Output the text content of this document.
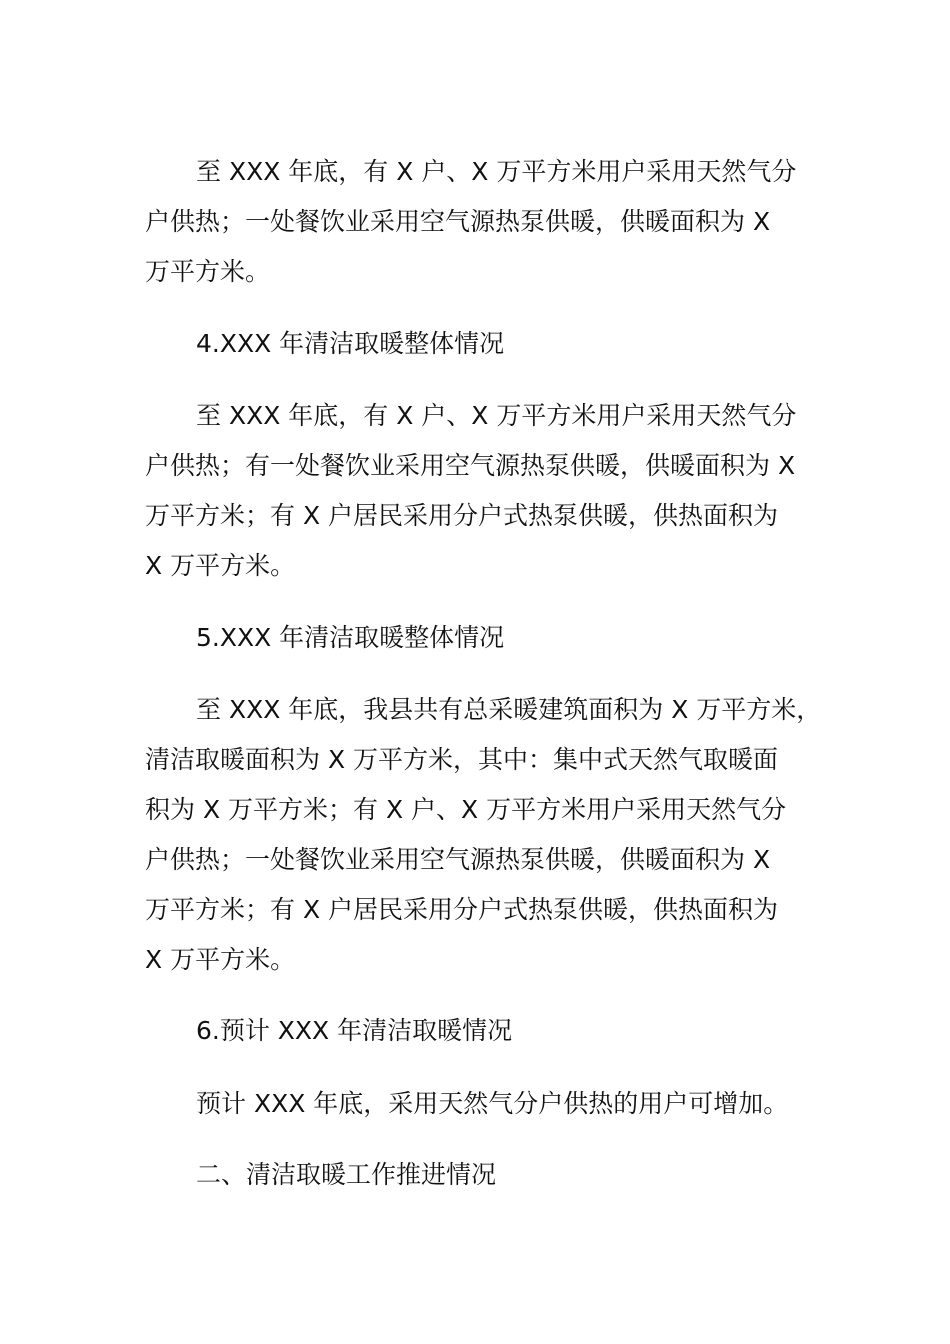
至 XXX 年底，有 X 户、X 万平方米用户采用天然气分
户供热；一处餐饮业采用空气源热泵供暖，供暖面积为 X
万平方米。
4.XXX 年清洁取暖整体情况
至 XXX 年底，有 X 户、X 万平方米用户采用天然气分
户供热；有一处餐饮业采用空气源热泵供暖，供暖面积为 X
万平方米；有 X 户居民采用分户式热泵供暖，供热面积为
X 万平方米。
5.XXX 年清洁取暖整体情况
至 XXX 年底，我县共有总采暖建筑面积为 X 万平方米，
清洁取暖面积为 X 万平方米，其中：集中式天然气取暖面
积为 X 万平方米；有 X 户、X 万平方米用户采用天然气分
户供热；一处餐饮业采用空气源热泵供暖，供暖面积为 X
万平方米；有 X 户居民采用分户式热泵供暖，供热面积为
X 万平方米。
6.预计 XXX 年清洁取暖情况
预计 XXX 年底，采用天然气分户供热的用户可增加。
二、清洁取暖工作推进情况
